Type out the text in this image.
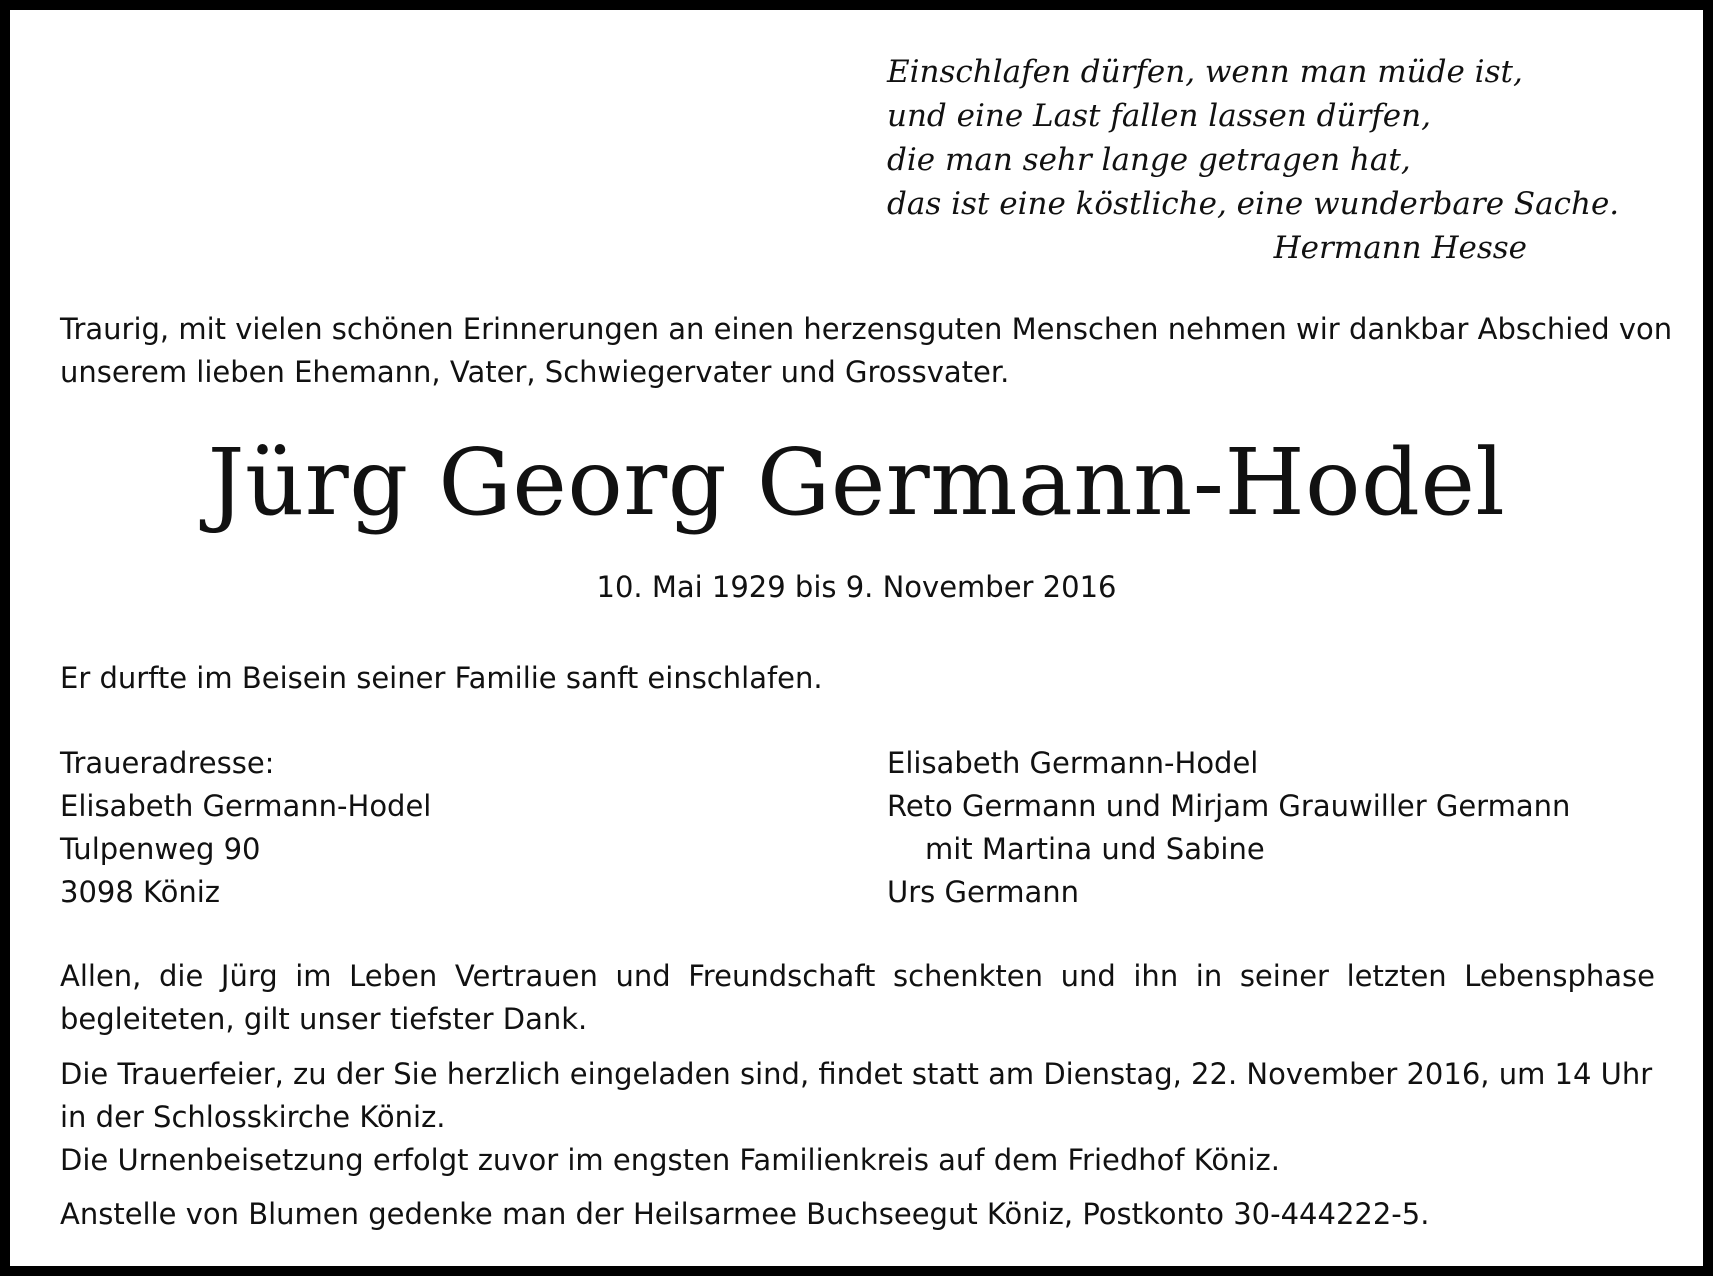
Einschlafen dürfen, wenn man müde ist,
und eine Last fallen lassen dürfen,
die man sehr lange getragen hat,
das ist eine köstliche, eine wunderbare Sache.
Hermann Hesse
Traurig, mit vielen schönen Erinnerungen an einen herzensguten Menschen nehmen wir dankbar Abschied von
unserem lieben Ehemann, Vater, Schwiegervater und Grossvater.
Jürg Georg Germann-Hodel
10. Mai 1929 bis 9. November 2016
Er durfte im Beisein seiner Familie sanft einschlafen.
Traueradresse:
Elisabeth Germann-Hodel
Tulpenweg 90
3098 Köniz
Elisabeth Germann-Hodel
Reto Germann und Mirjam Grauwiller Germann
mit Martina und Sabine
Urs Germann
Allen, die Jürg im Leben Vertrauen und Freundschaft schenkten und ihn in seiner letzten Lebensphase begleiteten, gilt unser tiefster Dank.
Die Trauerfeier, zu der Sie herzlich eingeladen sind, findet statt am Dienstag, 22. November 2016, um 14 Uhr
in der Schlosskirche Köniz.
Die Urnenbeisetzung erfolgt zuvor im engsten Familienkreis auf dem Friedhof Köniz.
Anstelle von Blumen gedenke man der Heilsarmee Buchseegut Köniz, Postkonto 30-444222-5.
